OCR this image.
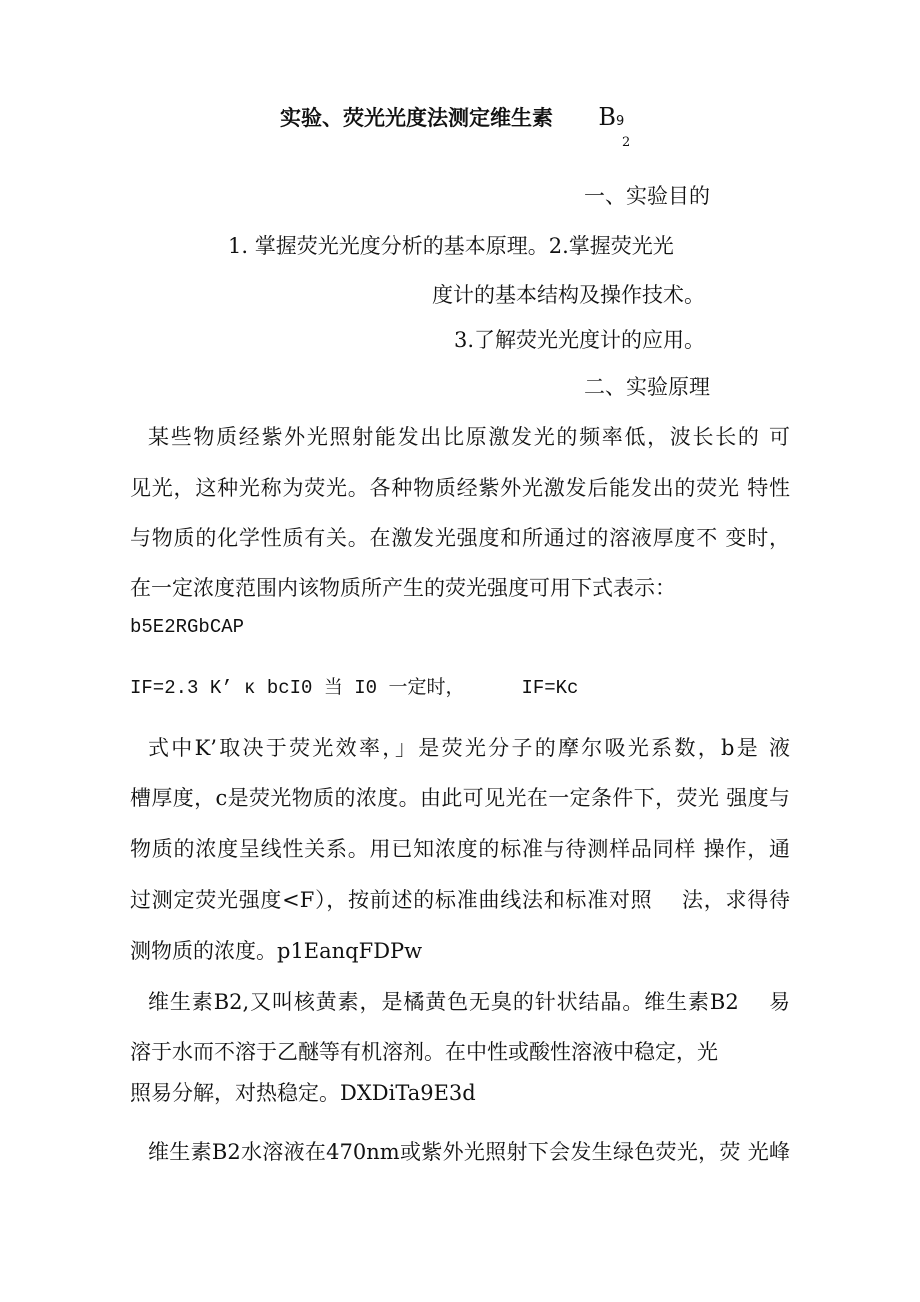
实验、荧光光度法测定维生素 B9
2
一、实验目的
1. 掌握荧光光度分析的基本原理。2.掌握荧光光
度计的基本结构及操作技术。
3.了解荧光光度计的应用。
二、实验原理
某些物质经紫外光照射能发出比原激发光的频率低，波长长的 可
见光，这种光称为荧光。各种物质经紫外光激发后能发出的荧光 特性
与物质的化学性质有关。在激发光强度和所通过的溶液厚度不 变时，
在一定浓度范围内该物质所产生的荧光强度可用下式表示：
b5E2RGbCAP
IF=2.3 K’ κ bcI0 当 I0 一定时，     IF=Kc
式中K’取决于荧光效率，」是荧光分子的摩尔吸光系数，b是 液
槽厚度，c是荧光物质的浓度。由此可见光在一定条件下，荧光 强度与
物质的浓度呈线性关系。用已知浓度的标准与待测样品同样 操作，通
过测定荧光强度<F），按前述的标准曲线法和标准对照    法，求得待
测物质的浓度。p1EanqFDPw
维生素B2,又叫核黄素，是橘黄色无臭的针状结晶。维生素B2    易
溶于水而不溶于乙醚等有机溶剂。在中性或酸性溶液中稳定，光
照易分解，对热稳定。DXDiTa9E3d
维生素B2水溶液在470nm或紫外光照射下会发生绿色荧光，荧 光峰
